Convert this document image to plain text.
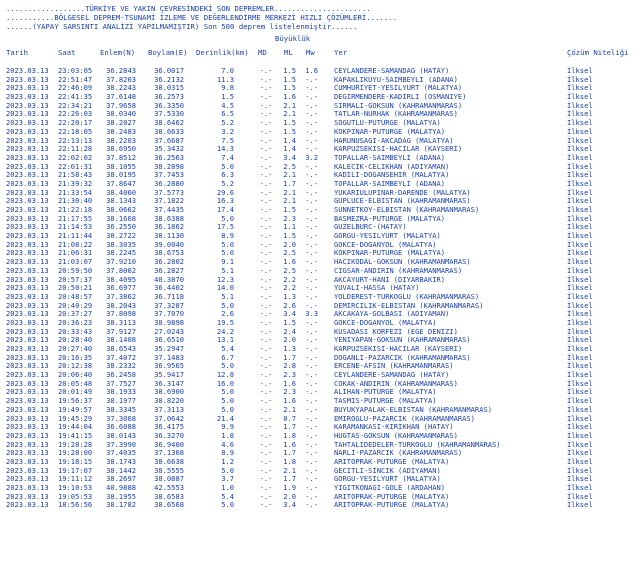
..................TÜRKİYE VE YAKIN ÇEVRESİNDEKİ SON DEPREMLER......................
...........BÖLGESEL DEPREM-TSUNAMİ İZLEME VE DEĞERLENDİRME MERKEZİ HIZLI ÇÖZÜMLERİ.......
......(YAPAY SARSINTI ANALİZİ YAPILMAMIŞTIR) Son 500 deprem listelenmiştir......
Büyüklük
Tarih	Saat	Enlem(N) Boylam(E) Derinlik(km) MD ML Mw	Yer	Çözüm Niteliği
2023.03.13 23:03:05	36.2843	36.0017	7.0	-.-	1.5	1.6 CEYLANDERE-SAMANDAG (HATAY)	İlksel
2023.03.13 22:51:47	37.8203	36.2132	11.3	-.-	1.5	-.- KAPAKLIKUYU-SAIMBEYLI (ADANA)	İlksel
2023.03.13 22:46:09	38.2243	38.0315	9.8	-.-	1.5	-.- CUMHURIYET-YESILYURT (MALATYA)	İlksel
2023.03.13 22:41:35	37.6148	36.2573	1.5	-.-	1.6	-.- DEGIRMENDERE-KADIRLI (OSMANIYE)	İlksel
2023.03.13 22:34:21	37.9658	36.3350	4.5	-.-	2.1	-.- SIRMALI-GOKSUN (KAHRAMANMARAS)	İlksel
2023.03.13 22:26:03	38.0340	37.5330	6.5	-.-	2.1	-.- TATLAR-NURHAK (KAHRAMANMARAS)	İlksel
2023.03.13 22:20:17	38.2027	38.6462	5.2	-.-	1.5	-.- SOGUTLU-PUTURGE (MALATYA)	İlksel
2023.03.13 22:18:05	38.2483	38.6633	3.2	-.-	1.5	-.- KOKPINAR-PUTURGE (MALATYA)	İlksel
2023.03.13 22:13:13	38.2203	37.6687	7.5	-.-	1.4	-.- HARUNUSAGI-AKCADAG (MALATYA)	İlksel
2023.03.13 22:11:28	38.6950	35.3432	14.3	-.-	1.4	-.- KARPUZSEKISI-HACILAR (KAYSERI)	İlksel
2023.03.13 22:02:02	37.8512	36.2563	7.4	-.-	3.4	3.2 TOPALLAR-SAIMBEYLI (ADANA)	İlksel
2023.03.13 22:01:31	38.1055	38.2898	5.0	-.-	2.5	-.- KALECIK-CELIKHAN (ADIYAMAN)	İlksel
2023.03.13 21:58:43	38.0195	37.7453	6.3	-.-	2.1	-.- KADILI-DOGANSEHIR (MALATYA)	İlksel
2023.03.13 21:39:32	37.8647	36.2880	5.2	-.-	1.7	-.- TOPALLAR-SAIMBEYLI (ADANA)	İlksel
2023.03.13 21:33:54	38.4060	37.5773	29.6	-.-	2.1	-.- YUKARIULUPINAR-DARENDE (MALATYA)	İlksel
2023.03.13 21:30:40	38.1343	37.1822	16.3	-.-	2.1	-.- GUPLUCE-ELBISTAN (KAHRAMANMARAS)	İlksel
2023.03.13 21:22:18	38.0662	37.4435	17.4	-.-	1.5	-.- SUNNETKOY-ELBISTAN (KAHRAMANMARAS)	İlksel
2023.03.13 21:17:55	38.1668	38.6388	5.0	-.-	2.3	-.- BASMEZRA-PUTURGE (MALATYA)	İlksel
2023.03.13 21:14:53	36.2550	36.1862	17.5	-.-	1.1	-.- GUZELBURC-(HATAY)	İlksel
2023.03.13 21:11:44	38.2722	38.1130	8.9	-.-	1.5	-.- GORGU-YESILYURT (MALATYA)	İlksel
2023.03.13 21:08:22	38.3035	39.0040	5.0	-.-	2.0	-.- GOKCE-DOGANYOL (MALATYA)	İlksel
2023.03.13 21:06:31	38.2245	38.6753	5.0	-.-	2.5	-.- KOKPINAR-PUTURGE (MALATYA)	İlksel
2023.03.13 21:03:07	37.9210	36.2802	9.1	-.-	1.6	-.- HACIKODAL-GOKSUN (KAHRAMANMARAS)	İlksel
2023.03.13 20:59:50	37.8002	36.2827	5.1	-.-	2.5	-.- CIGSAR-ANDIRIN (KAHRAMANMARAS)	İlksel
2023.03.13 20:57:37	38.4095	40.3870	12.3	-.-	2.2	-.- AKCAYURT-HANI (DIYARBAKIR)	İlksel
2023.03.13 20:50:21	36.6977	36.4402	14.0	-.-	2.2	-.- YUVALI-HASSA (HATAY)	İlksel
2023.03.13 20:48:57	37.3862	36.7118	5.1	-.-	1.3	-.- YOLDEREST-TURKOGLU (KAHRAMANMARAS)	İlksel
2023.03.13 20:40:29	38.2043	37.3287	5.0	-.-	2.6	-.- DEMIRCILIK-ELBISTAN (KAHRAMANMARAS)	İlksel
2023.03.13 20:37:27	37.8098	37.7070	2.6	-.-	3.4	3.3 AKCAKAYA-GOLBASI (ADIYAMAN)	İlksel
2023.03.13 20:36:23	38.3113	38.9898	19.5	-.-	1.5	-.- GOKCE-DOGANYOL (MALATYA)	İlksel
2023.03.13 20:33:43	37.9127	27.0243	24.2	-.-	2.4	-.- KUSADASI KORFEZI (EGE DENIZI)	İlksel
2023.03.13 20:28:40	38.1408	36.6510	13.1	-.-	2.0	-.- YENIYAPAN-GOKSUN (KAHRAMANMARAS)	İlksel
2023.03.13 20:27:40	38.6543	35.2947	5.4	-.-	1.3	-.- KARPUZSEKISI-HACILAR (KAYSERI)	İlksel
2023.03.13 20:16:35	37.4072	37.1483	6.7	-.-	1.7	-.- DOGANLI-PAZARCIK (KAHRAMANMARAS)	İlksel
2023.03.13 20:12:38	38.2332	36.9565	5.0	-.-	2.8	-.- ERCENE-AFSIN (KAHRAMANMARAS)	İlksel
2023.03.13 20:06:40	36.2458	35.9417	12.8	-.-	2.3	-.- CEYLANDERE-SAMANDAG (HATAY)	İlksel
2023.03.13 20:05:48	37.7527	36.3147	16.0	-.-	1.6	-.- COKAK-ANDIRIN (KAHRAMANMARAS)	İlksel
2023.03.13 20:01:49	38.1933	38.6900	5.0	-.-	2.3	-.- ALIHAN-PUTURGE (MALATYA)	İlksel
2023.03.13 19:56:37	38.1977	38.8220	5.0	-.-	1.6	-.- TASMIS-PUTURGE (MALATYA)	İlksel
2023.03.13 19:49:57	38.3345	37.3113	5.0	-.-	2.1	-.- BUYUKYAPALAK-ELBISTAN (KAHRAMANMARAS)	İlksel
2023.03.13 19:45:29	37.3068	37.0642	21.4	-.-	0.7	-.- EMIROGLU-PAZARCIK (KAHRAMANMARAS)	İlksel
2023.03.13 19:44:04	36.6088	36.4175	9.9	-.-	1.7	-.- KARAMANKASI-KIRIKHAN (HATAY)	İlksel
2023.03.13 19:41:15	38.0143	36.3270	1.8	-.-	1.8	-.- HUGTAS-GOKSUN (KAHRAMANMARAS)	İlksel
2023.03.13 19:28:28	37.3990	36.9400	4.6	-.-	1.6	-.- TAHTALIDEDELER-TURKOGLU (KAHRAMANMARAS)	İlksel
2023.03.13 19:28:00	37.4035	37.1368	8.9	-.-	1.7	-.- NARLI-PAZARCIK (KAHRAMANMARAS)	İlksel
2023.03.13 19:18:15	38.1743	38.6638	1.2	-.-	1.8	-.- ARITOPRAK-PUTURGE (MALATYA)	İlksel
2023.03.13 19:17:07	38.1442	38.5555	5.0	-.-	2.1	-.- GECITLI-SINCIK (ADIYAMAN)	İlksel
2023.03.13 19:11:12	38.2697	38.0887	3.7	-.-	1.7	-.- GORGU-YESILYURT (MALATYA)	İlksel
2023.03.13 19:10:53	40.9888	42.5553	1.0	-.-	1.9	-.- YIGITKONAGI-GOLE (ARDAHAN)	İlksel
2023.03.13 19:05:53	38.1955	38.6583	5.4	-.-	2.0	-.- ARITOPRAK-PUTURGE (MALATYA)	İlksel
2023.03.13 18:56:56	38.1782	38.6568	5.0	-.-	3.4	-.- ARITOPRAK-PUTURGE (MALATYA)	İlksel
